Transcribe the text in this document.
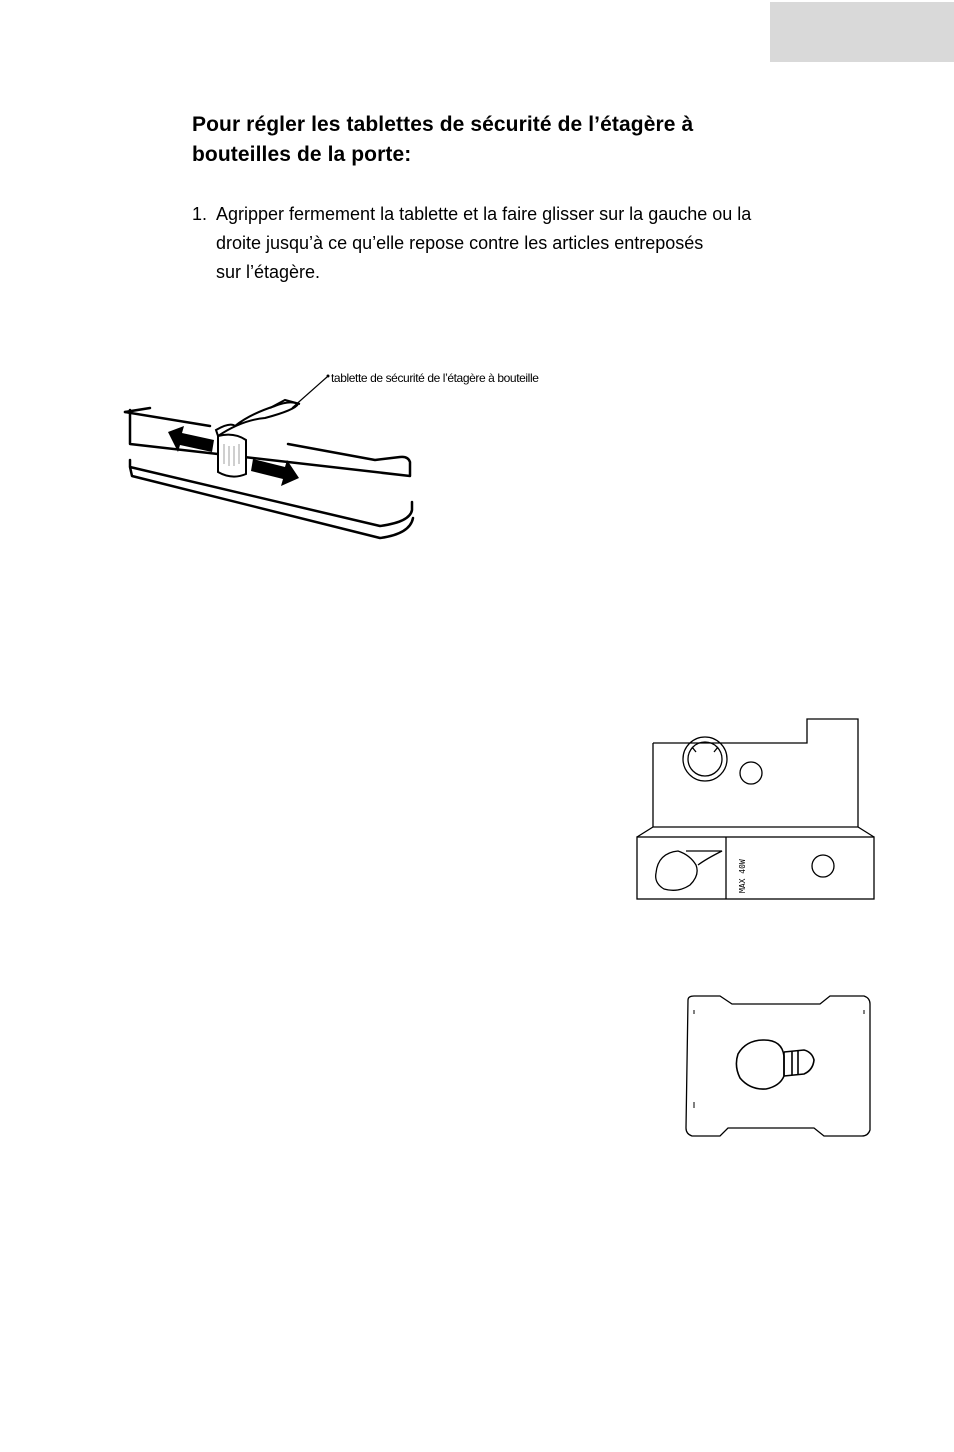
Pour régler les tablettes de sécurité de l’étagère à
bouteilles de la porte:
1. Agripper fermement la tablette et la faire glisser sur la gauche ou la
droite jusqu’à ce qu’elle repose contre les articles entreposés
sur l’étagère.
tablette de sécurité de l’étagère à bouteille
MAX 40W
